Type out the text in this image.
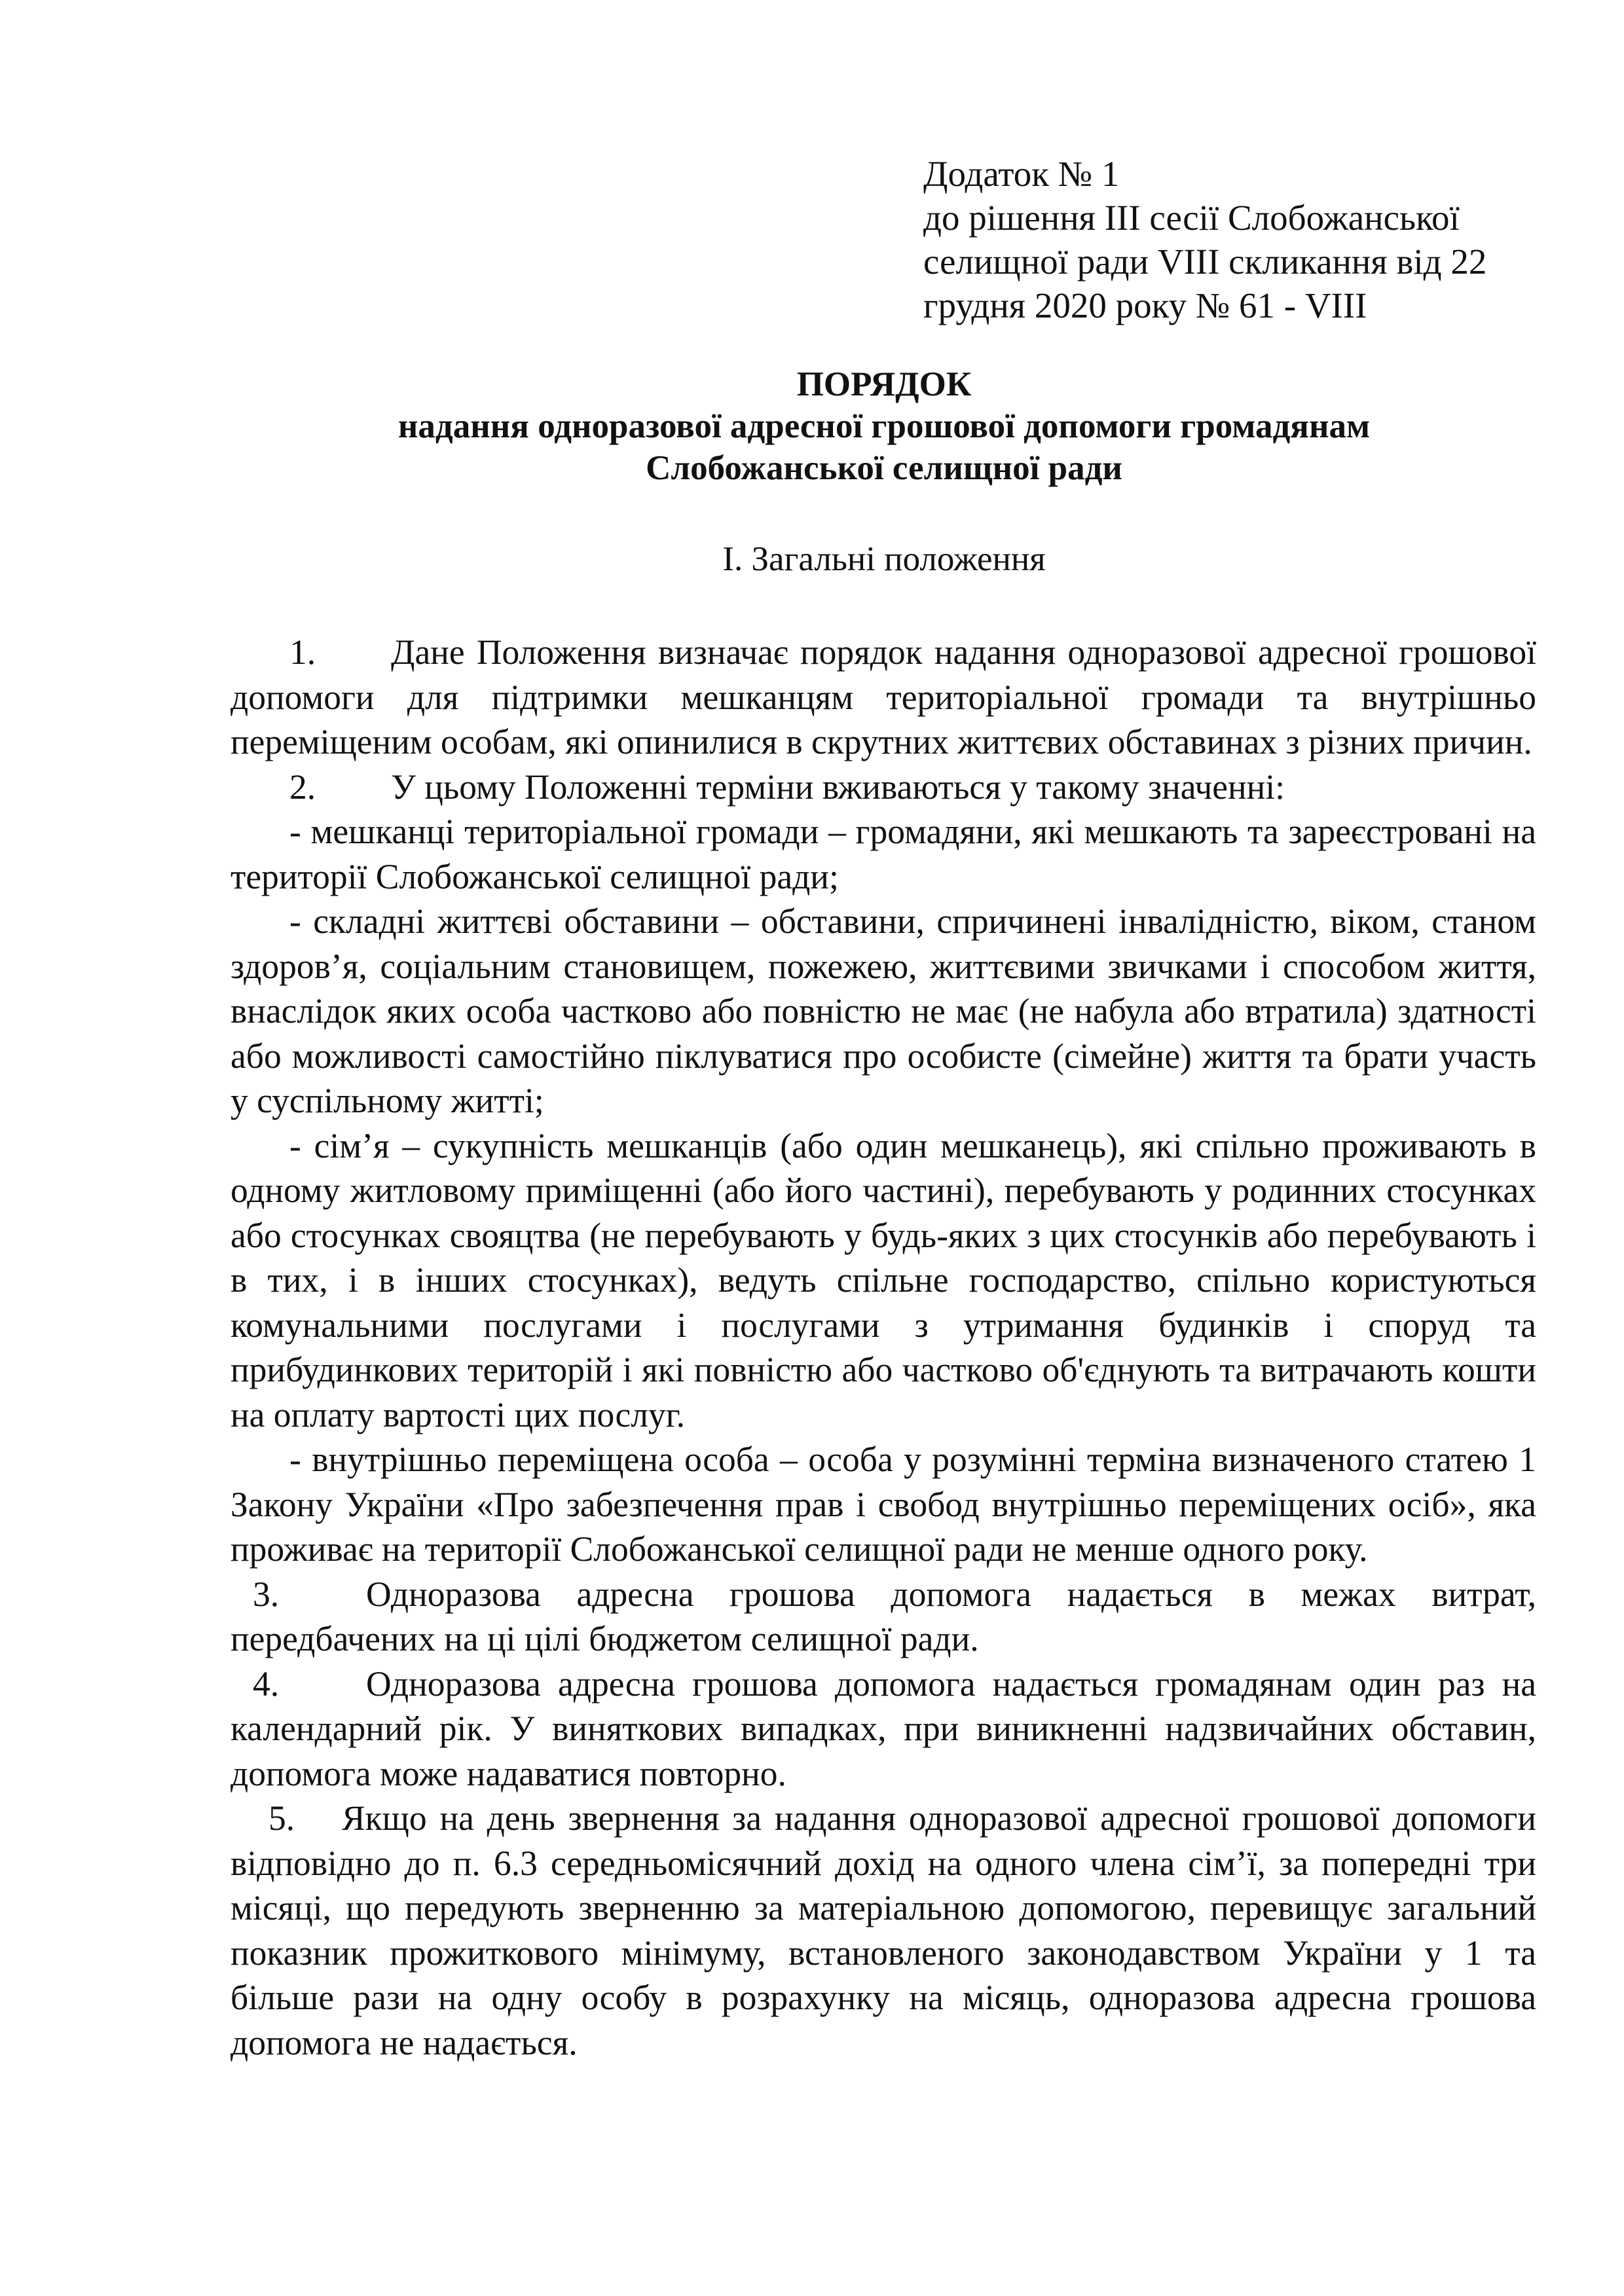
Додаток № 1
до рішення ІІІ сесії Слобожанської
селищної ради VІІІ скликання від 22
грудня 2020 року № 61 - VІІІ
ПОРЯДОК
надання одноразової адресної грошової допомоги громадянам
Слобожанської селищної ради
І. Загальні положення

1. Дане Положення визначає порядок надання одноразової адресної грошової допомоги для підтримки мешканцям територіальної громади та внутрішньо переміщеним особам, які опинилися в скрутних життєвих обставинах з різних причин.

2. У цьому Положенні терміни вживаються у такому значенні:

- мешканці територіальної громади – громадяни, які мешкають та зареєстровані на території Слобожанської селищної ради;

- складні життєві обставини – обставини, спричинені інвалідністю, віком, станом здоров’я, соціальним становищем, пожежею, життєвими звичками і способом життя, внаслідок яких особа частково або повністю не має (не набула або втратила) здатності або можливості самостійно піклуватися про особисте (сімейне) життя та брати участь у суспільному житті;

- сім’я – сукупність мешканців (або один мешканець), які спільно проживають в одному житловому приміщенні (або його частині), перебувають у родинних стосунках або стосунках свояцтва (не перебувають у будь-яких з цих стосунків або перебувають і в тих, і в інших стосунках), ведуть спільне господарство, спільно користуються комунальними послугами і послугами з утримання будинків і споруд та прибудинкових територій і які повністю або частково об'єднують та витрачають кошти на оплату вартості цих послуг.

- внутрішньо переміщена особа – особа у розумінні терміна визначеного статею 1 Закону України «Про забезпечення прав і свобод внутрішньо переміщених осіб», яка проживає на території Слобожанської селищної ради не менше одного року.

3. Одноразова адресна грошова допомога надається в межах витрат, передбачених на ці цілі бюджетом селищної ради.

4. Одноразова адресна грошова допомога надається громадянам один раз на календарний рік. У виняткових випадках, при виникненні надзвичайних обставин, допомога може надаватися повторно.

5. Якщо на день звернення за надання одноразової адресної грошової допомоги відповідно до п. 6.3 середньомісячний дохід на одного члена сім’ї, за попередні три місяці, що передують зверненню за матеріальною допомогою, перевищує загальний показник прожиткового мінімуму, встановленого законодавством України у 1 та більше рази на одну особу в розрахунку на місяць, одноразова адресна грошова допомога не надається.
